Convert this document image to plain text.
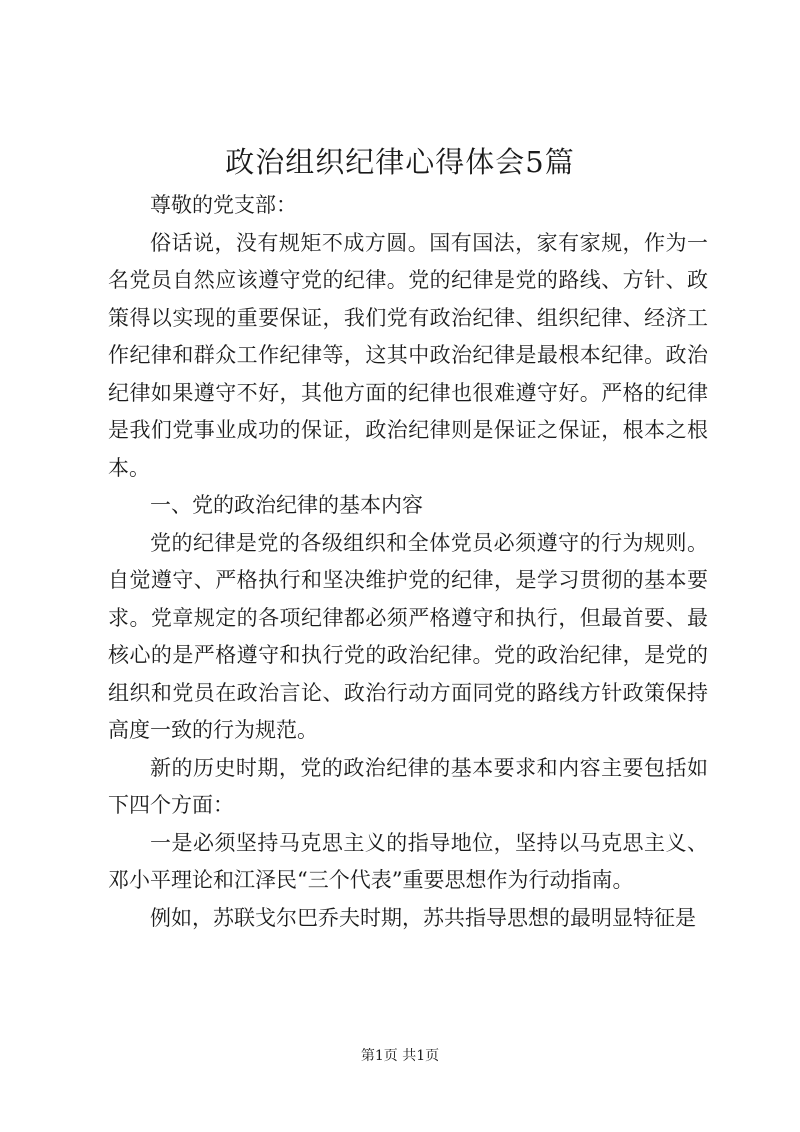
政治组织纪律心得体会5篇

尊敬的党支部：

俗话说，没有规矩不成方圆。国有国法，家有家规，作为一名党员自然应该遵守党的纪律。党的纪律是党的路线、方针、政策得以实现的重要保证，我们党有政治纪律、组织纪律、经济工作纪律和群众工作纪律等，这其中政治纪律是最根本纪律。政治纪律如果遵守不好，其他方面的纪律也很难遵守好。严格的纪律是我们党事业成功的保证，政治纪律则是保证之保证，根本之根本。

一、党的政治纪律的基本内容

党的纪律是党的各级组织和全体党员必须遵守的行为规则。自觉遵守、严格执行和坚决维护党的纪律，是学习贯彻的基本要求。党章规定的各项纪律都必须严格遵守和执行，但最首要、最核心的是严格遵守和执行党的政治纪律。党的政治纪律，是党的组织和党员在政治言论、政治行动方面同党的路线方针政策保持高度一致的行为规范。

新的历史时期，党的政治纪律的基本要求和内容主要包括如下四个方面：

一是必须坚持马克思主义的指导地位，坚持以马克思主义、邓小平理论和江泽民“三个代表”重要思想作为行动指南。

例如，苏联戈尔巴乔夫时期，苏共指导思想的最明显特征是

第1页 共1页
